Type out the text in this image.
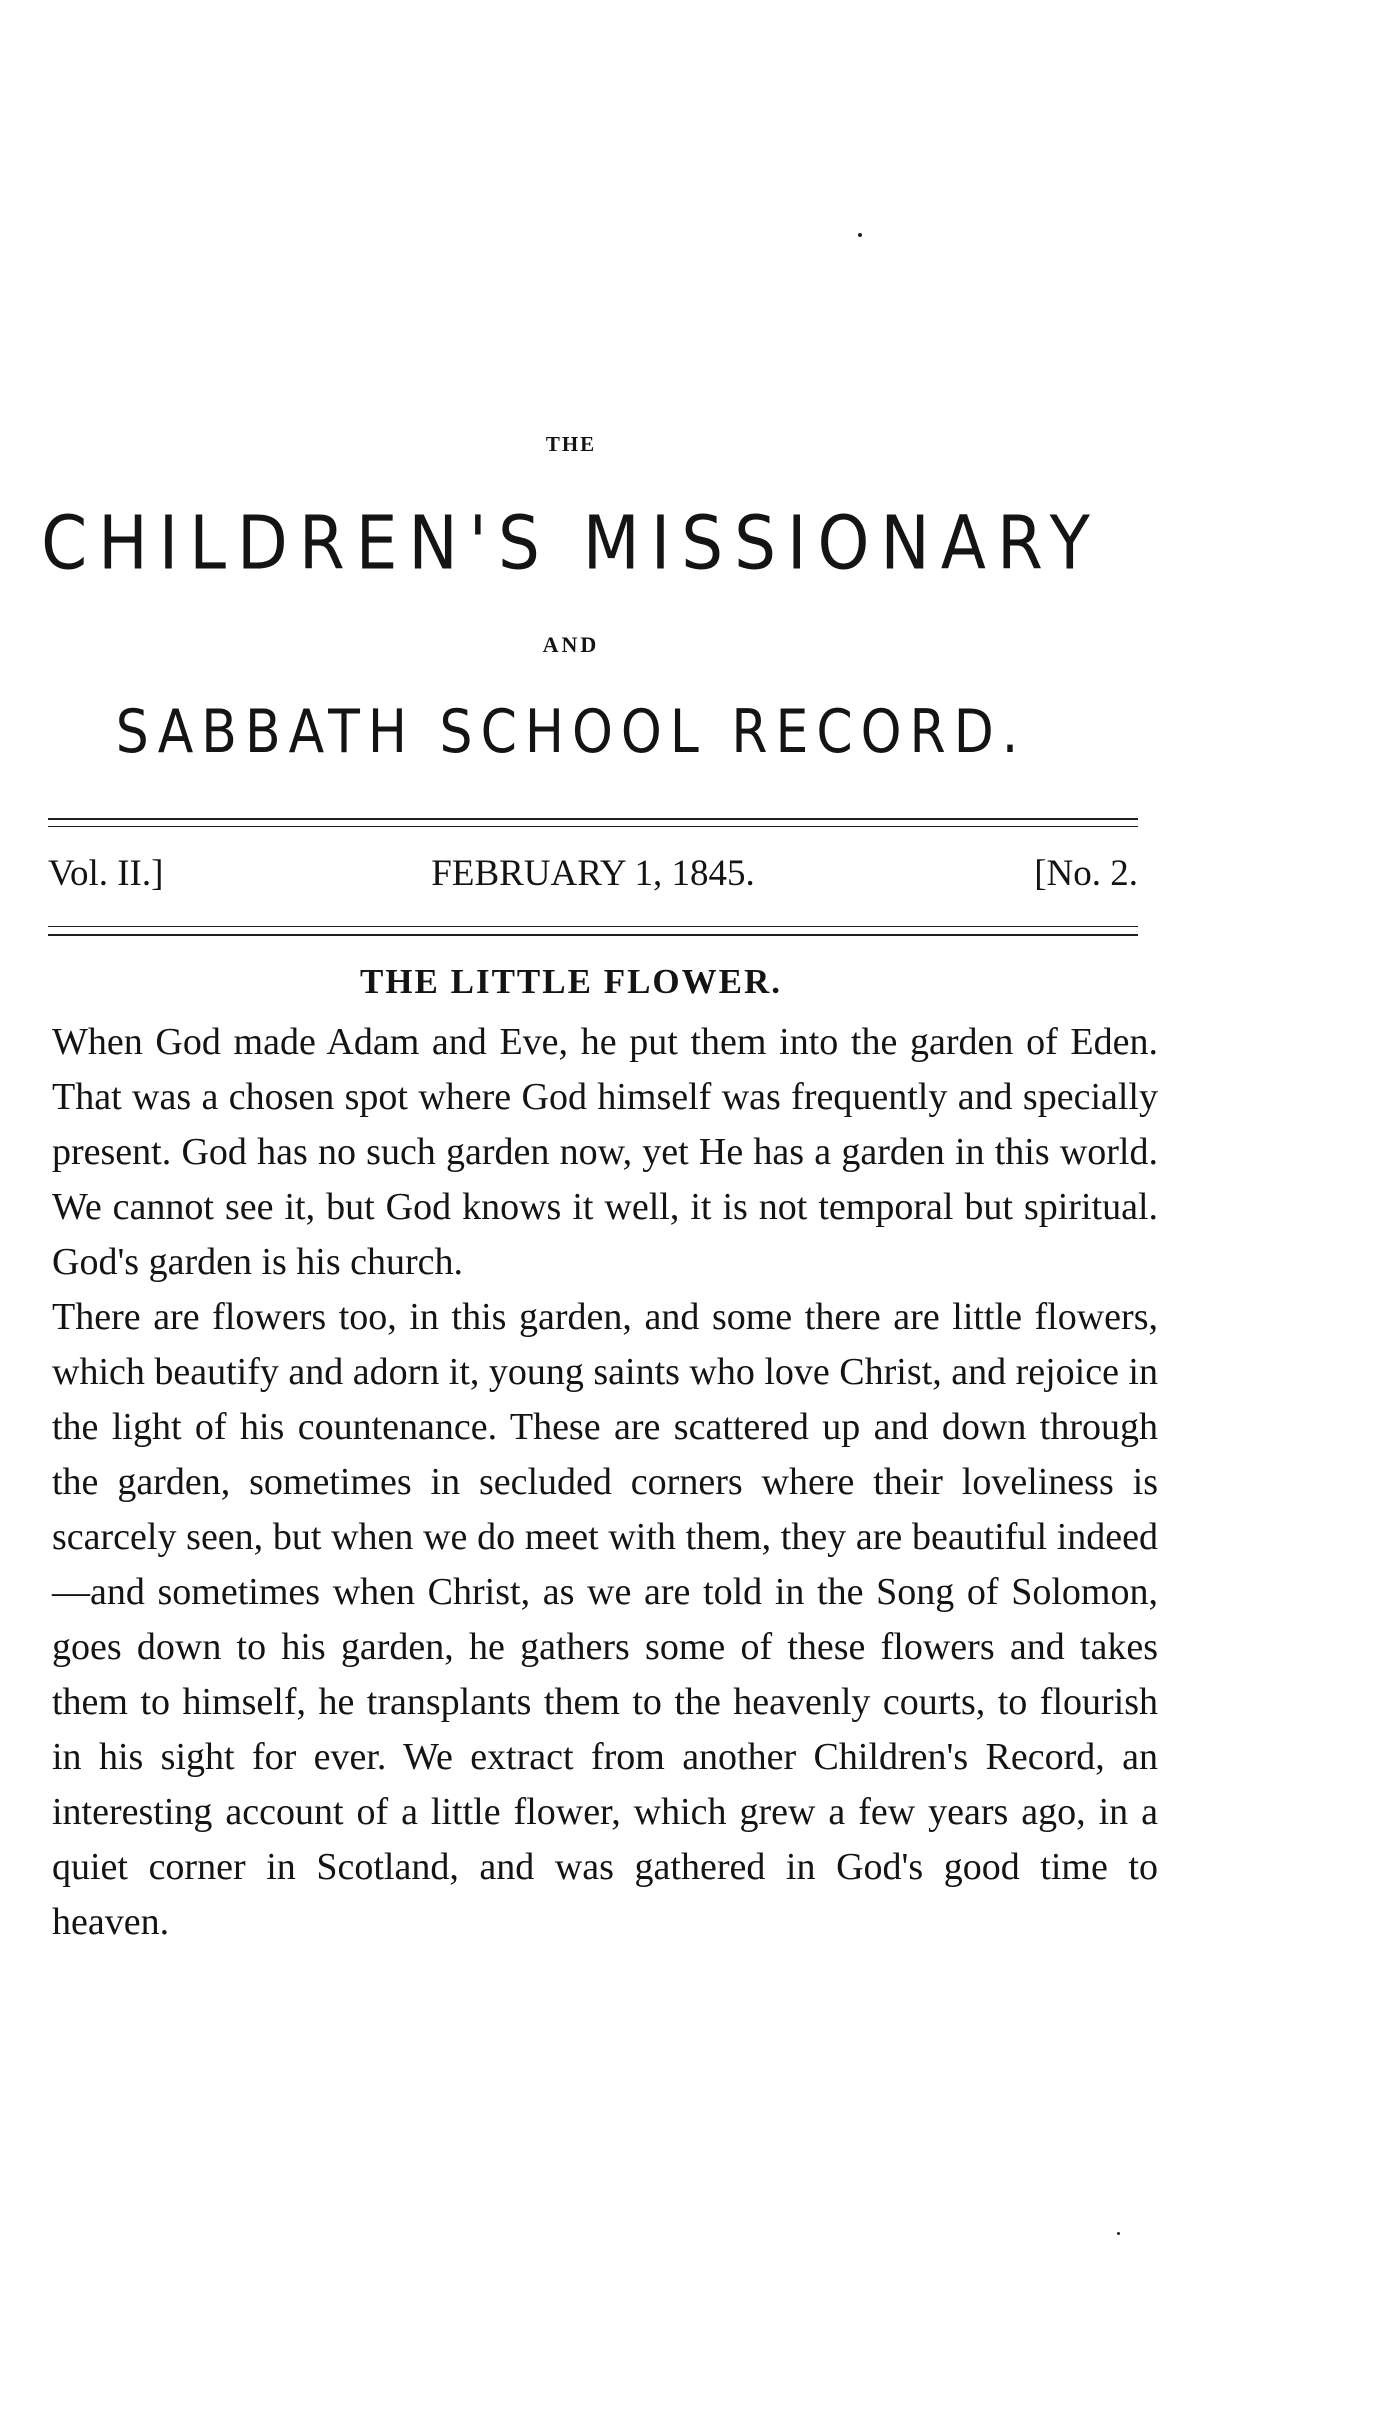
THE
CHILDREN'S MISSIONARY
AND
SABBATH SCHOOL RECORD.
Vol. II.]	FEBRUARY 1, 1845.	[No. 2.
THE LITTLE FLOWER.

When God made Adam and Eve, he put them into the garden of Eden. That was a chosen spot where God himself was frequently and specially present. God has no such garden now, yet He has a garden in this world. We cannot see it, but God knows it well, it is not temporal but spiritual. God's garden is his church.

There are flowers too, in this garden, and some there are little flowers, which beautify and adorn it, young saints who love Christ, and rejoice in the light of his countenance. These are scattered up and down through the garden, sometimes in secluded corners where their loveliness is scarcely seen, but when we do meet with them, they are beautiful indeed—and sometimes when Christ, as we are told in the Song of Solomon, goes down to his garden, he gathers some of these flowers and takes them to himself, he transplants them to the heavenly courts, to flourish in his sight for ever. We extract from another Children's Record, an interesting account of a little flower, which grew a few years ago, in a quiet corner in Scotland, and was gathered in God's good time to heaven.
